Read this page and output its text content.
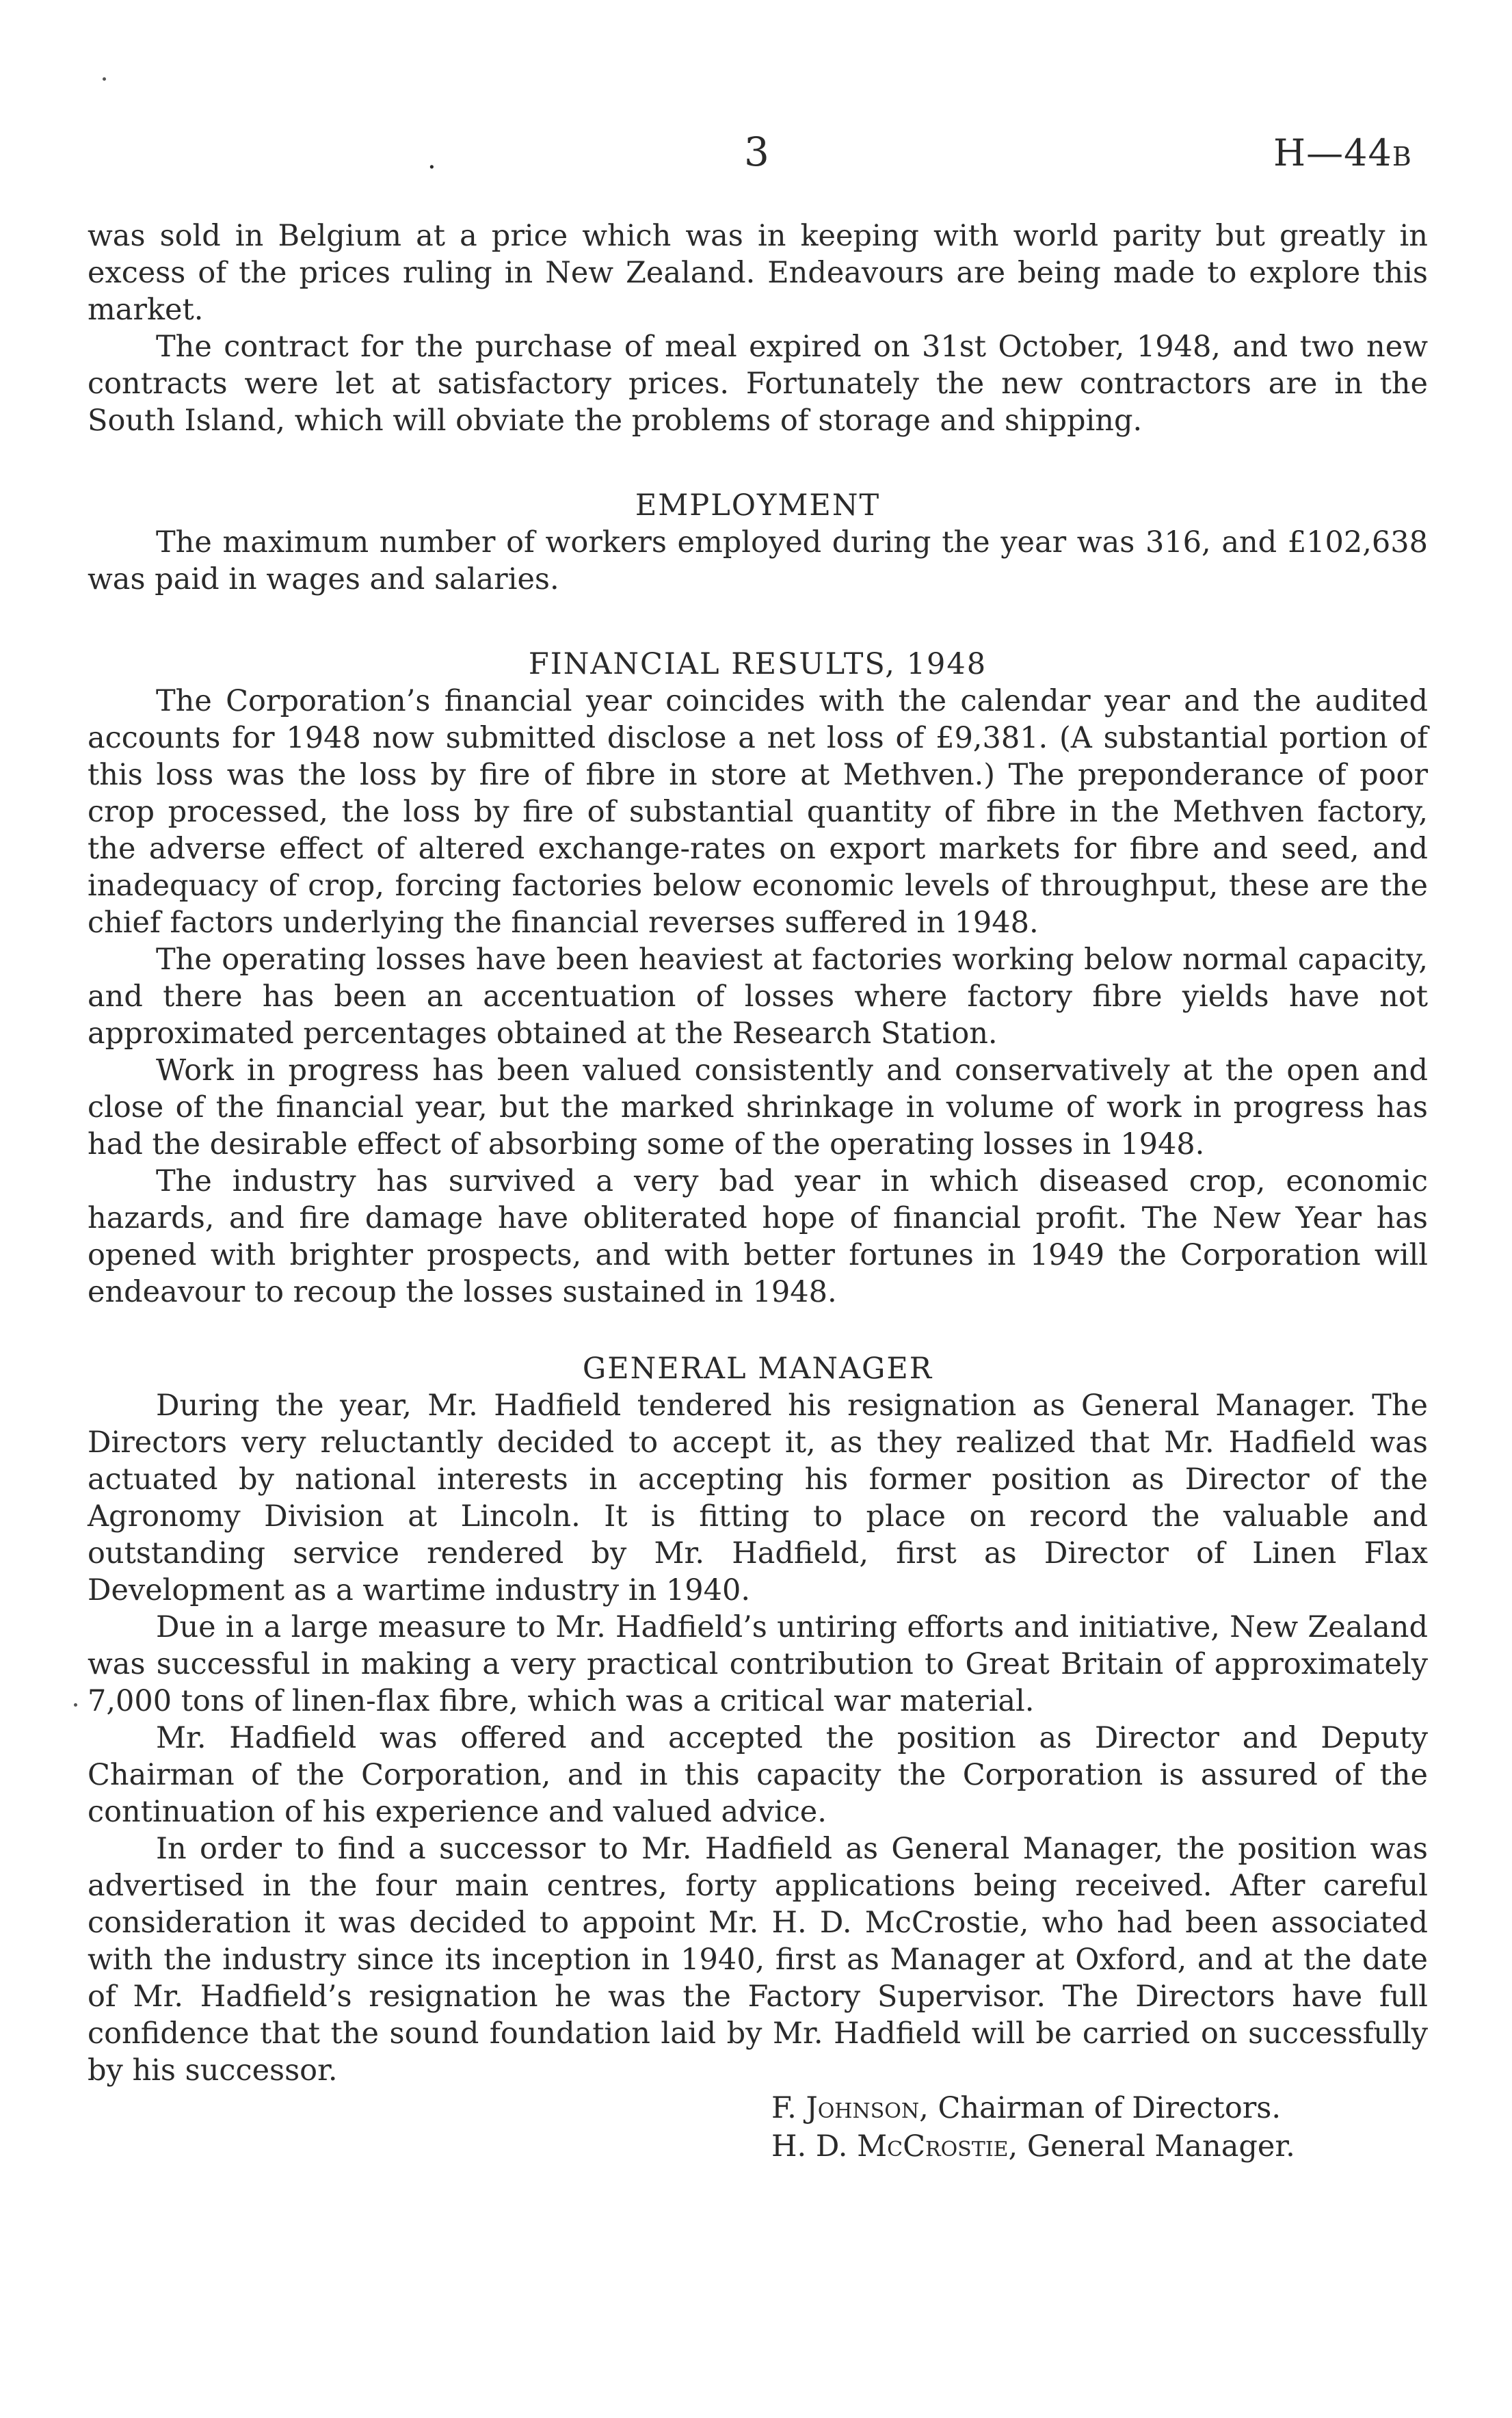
.	3	H—44B

was sold in Belgium at a price which was in keeping with world parity but greatly in excess of the prices ruling in New Zealand. Endeavours are being made to explore this market.

The contract for the purchase of meal expired on 31st October, 1948, and two new contracts were let at satisfactory prices. Fortunately the new contractors are in the South Island, which will obviate the problems of storage and shipping.

EMPLOYMENT

The maximum number of workers employed during the year was 316, and £102,638 was paid in wages and salaries.

FINANCIAL RESULTS, 1948

The Corporation’s financial year coincides with the calendar year and the audited accounts for 1948 now submitted disclose a net loss of £9,381. (A substantial portion of this loss was the loss by fire of fibre in store at Methven.) The preponderance of poor crop processed, the loss by fire of substantial quantity of fibre in the Methven factory, the adverse effect of altered exchange-rates on export markets for fibre and seed, and inadequacy of crop, forcing factories below economic levels of throughput, these are the chief factors underlying the financial reverses suffered in 1948.

The operating losses have been heaviest at factories working below normal capacity, and there has been an accentuation of losses where factory fibre yields have not approximated percentages obtained at the Research Station.

Work in progress has been valued consistently and conservatively at the open and close of the financial year, but the marked shrinkage in volume of work in progress has had the desirable effect of absorbing some of the operating losses in 1948.

The industry has survived a very bad year in which diseased crop, economic hazards, and fire damage have obliterated hope of financial profit. The New Year has opened with brighter prospects, and with better fortunes in 1949 the Corporation will endeavour to recoup the losses sustained in 1948.

GENERAL MANAGER

During the year, Mr. Hadfield tendered his resignation as General Manager. The Directors very reluctantly decided to accept it, as they realized that Mr. Hadfield was actuated by national interests in accepting his former position as Director of the Agronomy Division at Lincoln. It is fitting to place on record the valuable and outstanding service rendered by Mr. Hadfield, first as Director of Linen Flax Development as a wartime industry in 1940.

Due in a large measure to Mr. Hadfield’s untiring efforts and initiative, New Zealand was successful in making a very practical contribution to Great Britain of approximately 7,000 tons of linen-flax fibre, which was a critical war material.

Mr. Hadfield was offered and accepted the position as Director and Deputy Chairman of the Corporation, and in this capacity the Corporation is assured of the continuation of his experience and valued advice.

In order to find a successor to Mr. Hadfield as General Manager, the position was advertised in the four main centres, forty applications being received. After careful consideration it was decided to appoint Mr. H. D. McCrostie, who had been associated with the industry since its inception in 1940, first as Manager at Oxford, and at the date of Mr. Hadfield’s resignation he was the Factory Supervisor. The Directors have full confidence that the sound foundation laid by Mr. Hadfield will be carried on successfully by his successor.

F. Johnson, Chairman of Directors.
H. D. McCrostie, General Manager.
